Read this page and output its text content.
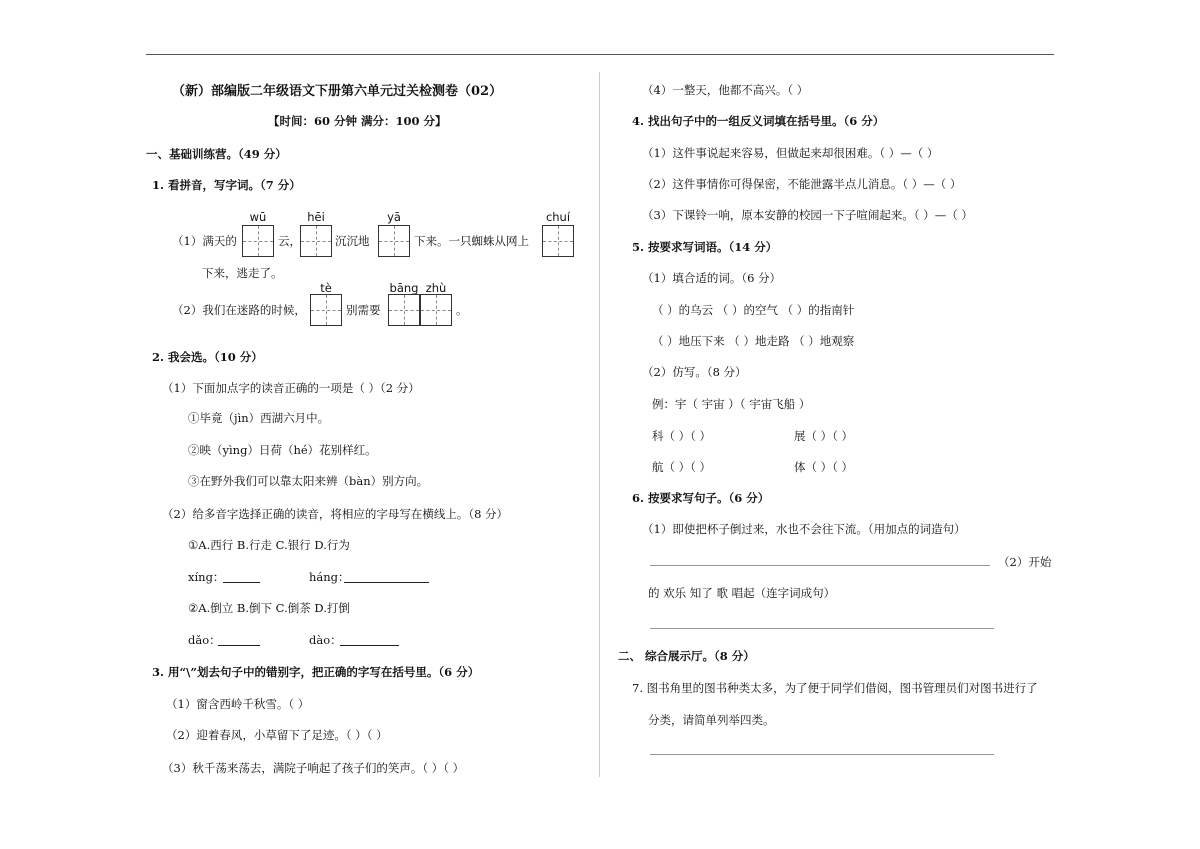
（新）部编版二年级语文下册第六单元过关检测卷（02）
【时间：60 分钟 满分：100 分】
一、基础训练营。（49 分）
1. 看拼音，写字词。（7 分）
wū	hēi	yā	chuí
（1）满天的	云，	沉沉地	下来。一只蜘蛛从网上
下来，逃走了。
tè	bāng zhù
（2）我们在迷路的时候，	别需要	。
2. 我会选。（10 分）
（1）下面加点字的读音正确的一项是（ ）（2 分）
①毕竟（jìn）西湖六月中。
②映（yìng）日荷（hé）花别样红。
③在野外我们可以靠太阳来辨（bàn）别方向。
（2）给多音字选择正确的读音，将相应的字母写在横线上。（8 分）
①A.西行 B.行走 C.银行 D.行为
xíng：	háng：
②A.倒立 B.倒下 C.倒茶 D.打倒
dǎo：	dào：
3. 用“\”划去句子中的错别字，把正确的字写在括号里。（6 分）
（1）窗含西岭千秋雪。（ ）
（2）迎着春风，小草留下了足迹。（ ）（ ）
（3）秋千荡来荡去，满院子响起了孩子们的笑声。（ ）（ ）
（4）一整天，他都不高兴。（ ）
4. 找出句子中的一组反义词填在括号里。（6 分）
（1）这件事说起来容易，但做起来却很困难。（ ）—（ ）
（2）这件事情你可得保密，不能泄露半点儿消息。（ ）—（ ）
（3）下课铃一响，原本安静的校园一下子喧闹起来。（ ）—（ ）
5. 按要求写词语。（14 分）
（1）填合适的词。（6 分）
（ ）的乌云 （ ）的空气 （ ）的指南针
（ ）地压下来 （ ）地走路 （ ）地观察
（2）仿写。（8 分）
例：宇（ 宇宙 ）（ 宇宙飞船 ）
科（ ）（ ）	展（ ）（ ）
航（ ）（ ）	体（ ）（ ）
6. 按要求写句子。（6 分）
（1）即使把杯子倒过来，水也不会往下流。（用加点的词造句）
（2）开始
的 欢乐 知了 歌 唱起（连字词成句）
二、 综合展示厅。（8 分）
7. 图书角里的图书种类太多，为了便于同学们借阅，图书管理员们对图书进行了
分类，请简单列举四类。
